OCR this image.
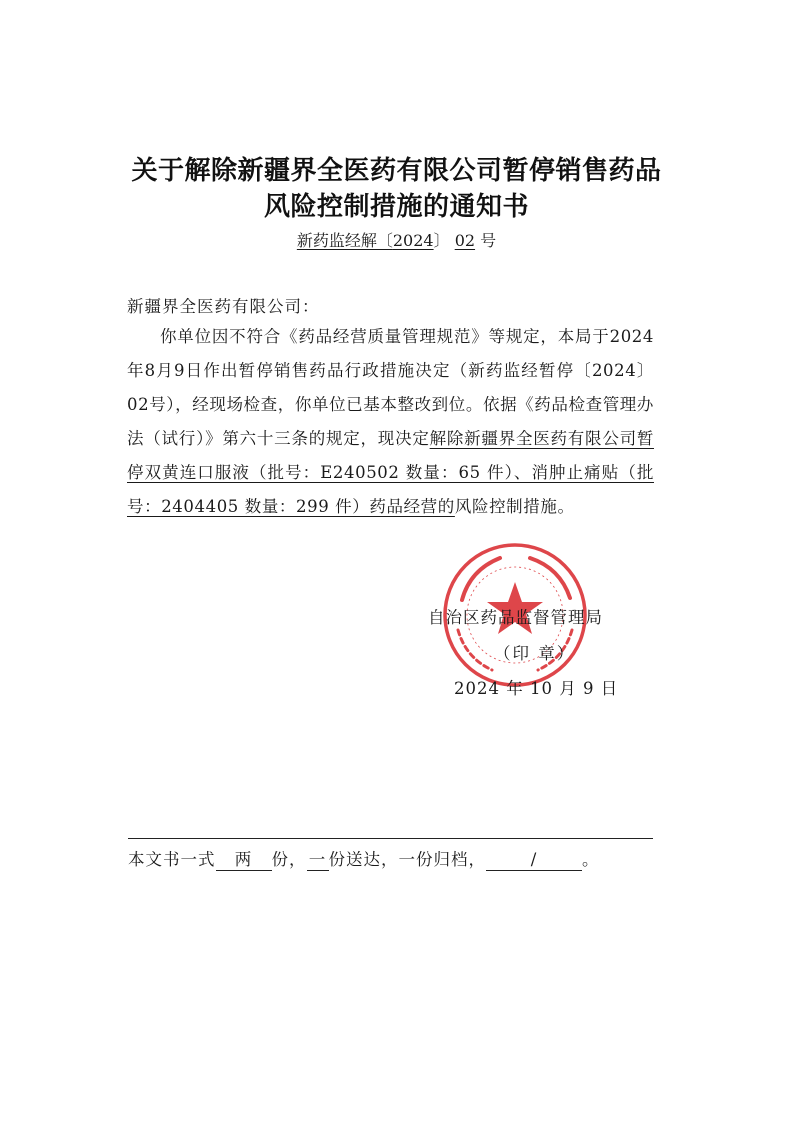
关于解除新疆界全医药有限公司暂停销售药品
风险控制措施的通知书
新药监经解〔2024〕 02 号
新疆界全医药有限公司：
你单位因不符合《药品经营质量管理规范》等规定，本局于2024年8月9日作出暂停销售药品行政措施决定（新药监经暂停〔2024〕02号），经现场检查，你单位已基本整改到位。依据《药品检查管理办法（试行）》第六十三条的规定，现决定解除新疆界全医药有限公司暂停双黄连口服液（批号：E240502 数量：65 件）、消肿止痛贴（批号：2404405 数量：299 件）药品经营的风险控制措施。
自治区药品监督管理局
（印 章）
2024 年 10 月 9 日
本文书一式 两 份， 一 份送达，一份归档，	/	。
